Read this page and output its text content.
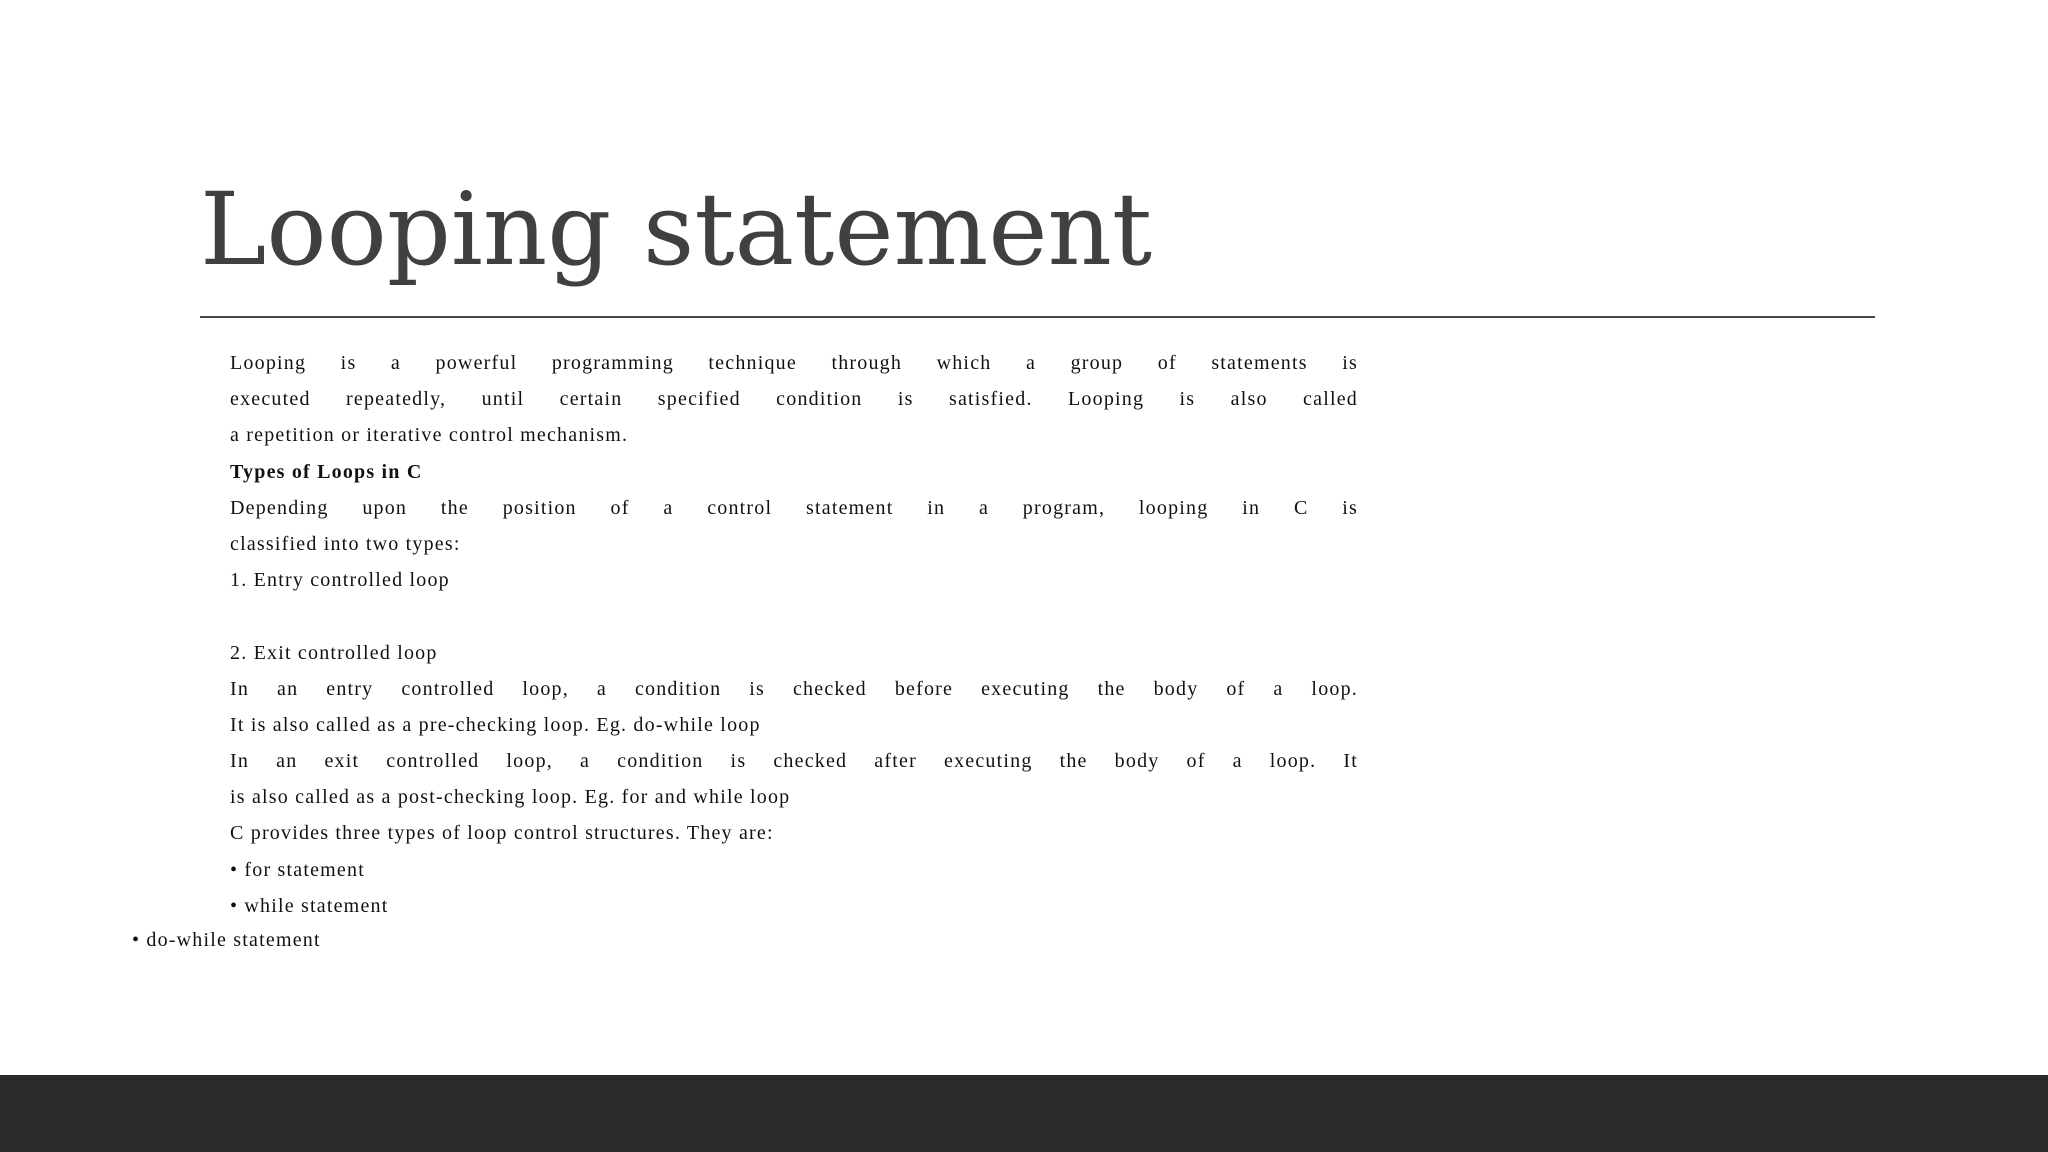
Looping statement

Looping is a powerful programming technique through which a group of statements is

executed repeatedly, until certain specified condition is satisfied. Looping is also called

a repetition or iterative control mechanism.

Types of Loops in C

Depending upon the position of a control statement in a program, looping in C is

classified into two types:

1. Entry controlled loop

2. Exit controlled loop

In an entry controlled loop, a condition is checked before executing the body of a loop.

It is also called as a pre-checking loop. Eg. do-while loop

In an exit controlled loop, a condition is checked after executing the body of a loop. It

is also called as a post-checking loop. Eg. for and while loop

C provides three types of loop control structures. They are:

• for statement

• while statement

• do-while statement
